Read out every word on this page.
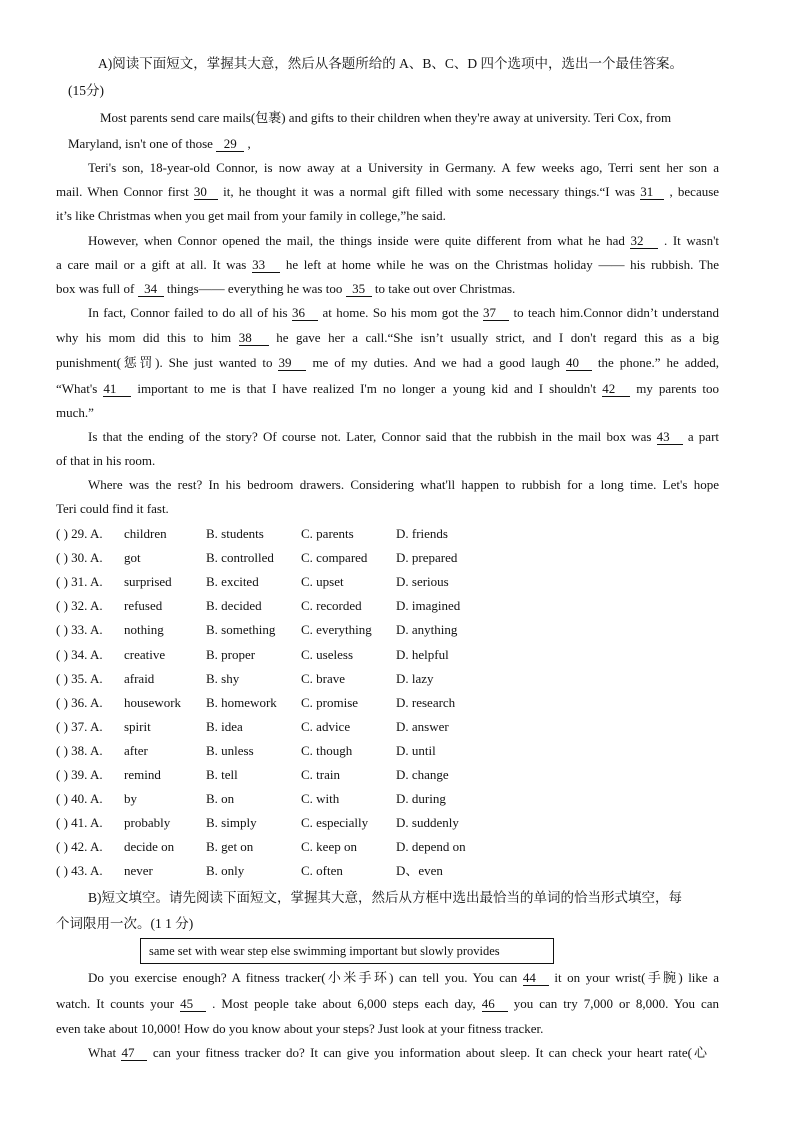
A)阅读下面短文，掌握其大意，然后从各题所给的 A、B、C、D 四个选项中，选出一个最佳答案。
(15分)
Most parents send care mails(包裹) and gifts to their children when they're away at university. Teri Cox, from
Maryland, isn't one of those 29 ,
Teri's son, 18-year-old Connor, is now away at a University in Germany. A few weeks ago, Terri sent her son a
mail. When Connor first 30 it, he thought it was a normal gift filled with some necessary things.“I was 31 , because
it’s like Christmas when you get mail from your family in college,”he said.
However, when Connor opened the mail, the things inside were quite different from what he had 32 . It wasn't
a care mail or a gift at all. It was 33 he left at home while he was on the Christmas holiday —— his rubbish. The
box was full of 34 things—— everything he was too 35 to take out over Christmas.
In fact, Connor failed to do all of his 36 at home. So his mom got the 37 to teach him.Connor didn’t understand
why his mom did this to him 38 he gave her a call.“She isn’t usually strict, and I don't regard this as a big
punishment(惩罚). She just wanted to 39 me of my duties. And we had a good laugh 40 the phone.” he added,
“What's 41 important to me is that I have realized I'm no longer a young kid and I shouldn't 42 my parents too
much.”
Is that the ending of the story? Of course not. Later, Connor said that the rubbish in the mail box was 43 a part
of that in his room.
Where was the rest? In his bedroom drawers. Considering what'll happen to rubbish for a long time. Let's hope
Teri could find it fast.
( ) 29. A. children	B. students	C. parents	D. friends
( ) 30. A. got	B. controlled C. compared D. prepared
( ) 31. A. surprised	B. excited	C. upset	D. serious
( ) 32. A. refused	B. decided	C. recorded	D. imagined
( ) 33. A. nothing	B. something C. everything D. anything
( ) 34. A. creative	B. proper	C. useless	D. helpful
( ) 35. A. afraid	B. shy	C. brave	D. lazy
( ) 36. A. housework B. homework C. promise	D. research
( ) 37. A. spirit	B. idea	C. advice	D. answer
( ) 38. A. after	B. unless	C. though	D. until
( ) 39. A. remind	B. tell	C. train	D. change
( ) 40. A. by	B. on	C. with	D. during
( ) 41. A. probably	B. simply	C. especially D. suddenly
( ) 42. A. decide on B. get on	C. keep on	D. depend on
( ) 43. A. never	B. only	C. often	D、even
B)短文填空。请先阅读下面短文，掌握其大意，然后从方框中选出最恰当的单词的恰当形式填空，每
个词限用一次。(1 1 分)
same set with wear step else swimming important but slowly provides
Do you exercise enough? A fitness tracker(小米手环) can tell you. You can 44 it on your wrist(手腕) like a
watch. It counts your 45 . Most people take about 6,000 steps each day, 46 you can try 7,000 or 8,000. You can
even take about 10,000! How do you know about your steps? Just look at your fitness tracker.
What 47 can your fitness tracker do? It can give you information about sleep. It can check your heart rate(心
